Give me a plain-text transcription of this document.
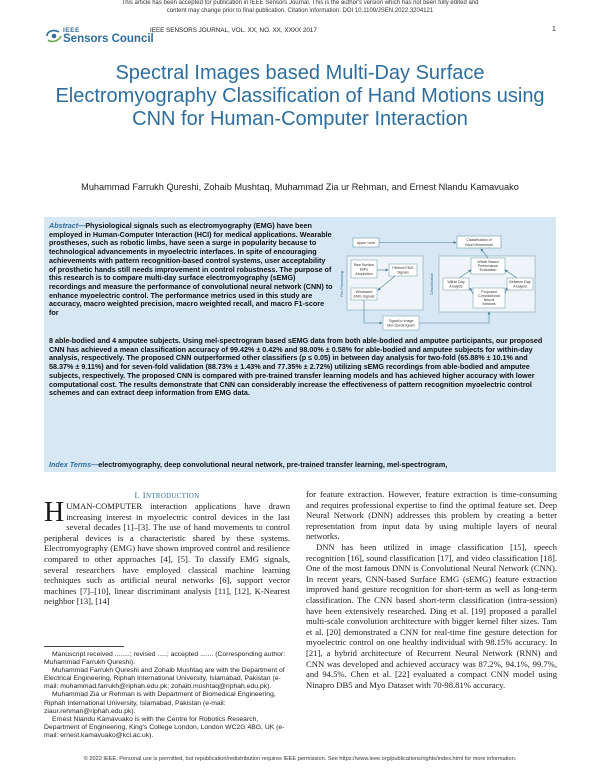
This article has been accepted for publication in IEEE Sensors Journal. This is the author's version which has not been fully edited and
content may change prior to final publication. Citation information: DOI 10.1109/JSEN.2022.3204121
IEEE
Sensors Council
IEEE SENSORS JOURNAL, VOL. XX, NO. XX, XXXX 2017	1
Spectral Images based Multi-Day Surface Electromyography Classification of Hand Motions using CNN for Human-Computer Interaction
Muhammad Farrukh Qureshi, Zohaib Mushtaq, Muhammad Zia ur Rehman, and Ernest Nlandu Kamavuako

Abstract—Physiological signals such as electromyography (EMG) have been employed in Human-Computer Interaction (HCI) for medical applications. Wearable prostheses, such as robotic limbs, have seen a surge in popularity because to technological advancements in myoelectric interfaces. In spite of encouraging achievements with pattern recognition-based control systems, user acceptability of prosthetic hands still needs improvement in control robustness. The purpose of this research is to compare multi-day surface electromyography (sEMG) recordings and measure the performance of convolutional neural network (CNN) to enhance myoelectric control. The performance metrics used in this study are accuracy, macro weighted precision, macro weighted recall, and macro F1-score for

Upper Limb
Classification of
Hand Movements
Pre-Processing
Raw Surface
EMG
Acquisition
Filtered EMG
Signals
Windowed
EMG Signals
Signal to Image
Mel-Spectrogram
Classification
Within Based
Performance
Evaluation
Within Day
Analysis
Between Day
Analysis
Proposed
Convolutional
Neural
Network

8 able-bodied and 4 amputee subjects. Using mel-spectrogram based sEMG data from both able-bodied and amputee participants, our proposed CNN has achieved a mean classification accuracy of 99.42% ± 0.42% and 98.00% ± 0.58% for able-bodied and amputee subjects for within-day analysis, respectively. The proposed CNN outperformed other classifiers (p ≤ 0.05) in between day analysis for two-fold (65.88% ± 10.1% and 58.37% ± 9.11%) and for seven-fold validation (88.73% ± 1.43% and 77.35% ± 2.72%) utilizing sEMG recordings from able-bodied and amputee subjects, respectively. The proposed CNN is compared with pre-trained transfer learning models and has achieved higher accuracy with lower computational cost. The results demonstrate that CNN can considerably increase the effectiveness of pattern recognition myoelectric control schemes and can extract deep information from EMG data.

Index Terms—electromyography, deep convolutional neural network, pre-trained transfer learning, mel-spectrogram,
I. INTRODUCTION

HUMAN-COMPUTER interaction applications have drawn increasing interest in myoelectric control devices in the last several decades [1]–[3]. The use of hand movements to control peripheral devices is a characteristic shared by these systems. Electromyography (EMG) have shown improved control and resilience compared to other approaches [4], [5]. To classify EMG signals, several researchers have employed classical machine learning techniques such as artificial neural networks [6], support vector machines [7]–[10], linear discriminant analysis [11], [12], K-Nearest neighbor [13], [14]

Manuscript received ........; revised .....; accepted ....... (Corresponding author: Muhammad Farrukh Qureshi).

Muhammad Farrukh Qureshi and Zohaib Mushtaq are with the Department of Electrical Engineering, Riphah International University, Islamabad, Pakistan (e-mail: muhammad.farrukh@riphah.edu.pk; zohaib.mushtaq@riphah.edu.pk).

Muhammad Zia ur Rehman is with Department of Biomedical Engineering, Riphah International University, Islamabad, Pakistan (e-mail: ziaur.rehman@riphah.edu.pk).

Ernest Nlandu Kamavuako is with the Centre for Robotics Research, Department of Engineering, King's College London, London WC2G 4BG, UK (e-mail: ernest.kamavuako@kcl.ac.uk).

for feature extraction. However, feature extraction is time-consuming and requires professional expertise to find the optimal feature set. Deep Neural Network (DNN) addresses this problem by creating a better representation from input data by using multiple layers of neural networks.

DNN has been utilized in image classification [15], speech recognition [16], sound classification [17], and video classification [18]. One of the most famous DNN is Convolutional Neural Network (CNN). In recent years, CNN-based Surface EMG (sEMG) feature extraction improved hand gesture recognition for short-term as well as long-term classification. The CNN based short-term classification (intra-session) have been extensively researched. Ding et al. [19] proposed a parallel multi-scale convolution architecture with bigger kernel filter sizes. Tam et al. [20] demonstrated a CNN for real-time fine gesture detection for myoelectric control on one healthy individual with 98.15% accuracy. In [21], a hybrid architecture of Recurrent Neural Network (RNN) and CNN was developed and achieved accuracy was 87.2%, 94.1%, 99.7%, and 94.5%. Chen et al. [22] evaluated a compact CNN model using Ninapro DB5 and Myo Dataset with 70-98.81% accuracy.

© 2022 IEEE. Personal use is permitted, but republication/redistribution requires IEEE permission. See https://www.ieee.org/publications/rights/index.html for more information.
